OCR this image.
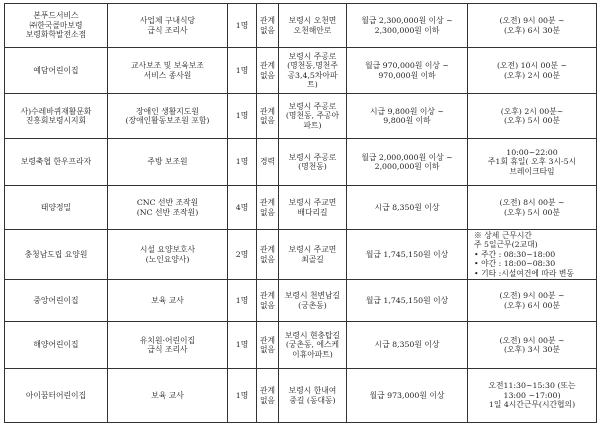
본푸드서비스
㈜한국콜마보령
보령화학발전소점	사업체 구내식당
급식 조리사	1명	관계
없음	보령시 오천면
오천해안로	월급 2,300,000원 이상 ~
2,300,000원 이하	(오전) 9시 00분 ~
(오후) 6시 30분

예담어린이집	교사보조 및 보육보조
서비스 종사원	1명	관계
없음	보령시 주공로
(명천동,명천주
공3,4,5차아파
트)	월급 970,000원 이상 ~
970,000원 이하	(오전) 10시 00분 ~
(오후) 2시 00분

사)수레바퀴재활문화
진흥회보령시지회	장애인 생활지도원
(장애인활동보조원 포함)	1명	관계
없음	보령시 주공로
(명천동, 주공아
파트)	시급 9,800원 이상 ~
9,800원 이하	(오후) 2시 00분~
(오후) 5시 00분

보령축협 한우프라자	주방 보조원	1명	경력	보령시 주공로
(명천동)	월급 2,000,000원 이상 ~
2,000,000원 이하	10:00~22:00
주1회 휴일( 오후 3시-5시
브레이크타임

태양정밀	CNC 선반 조작원
(NC 선반 조작원)	4명	관계
없음	보령시 주교면
배다리길	시급 8,350원 이상	(오전) 8시 00분 ~
(오후) 5시 00분

충청남도립 요양원	시설 요양보호사
(노인요양사)	2명	관계
없음	보령시 주교면
최골길	월급 1,745,150원 이상	※ 상세 근무시간
주 5일근무(2교대)
• 주간 : 08:30~18:00
• 야간 : 18:00~08:30
• 기타 :시설여건에 따라 변동

중앙어린이집	보육 교사	1명	관계
없음	보령시 천변남길
(궁촌동)	월급 1,745,150원 이상	(오전) 9시 00분 ~
(오후) 6시 00분

해양어린이집	유치원·어린이집
급식 조리사	1명	관계
없음	보령시 현충탑길
(궁촌동, 에스케
이휴아파트)	시급 8,350원 이상	(오전) 9시 00분 ~
(오후) 3시 30분

아이꿈터어린이집	보육 교사	1명	관계
없음	보령시 한내여
중길 (동대동)	월급 973,000원 이상	오전11:30~15:30 (또는
13:00 ~17:00)
1일 4시간근무(시간협의)
